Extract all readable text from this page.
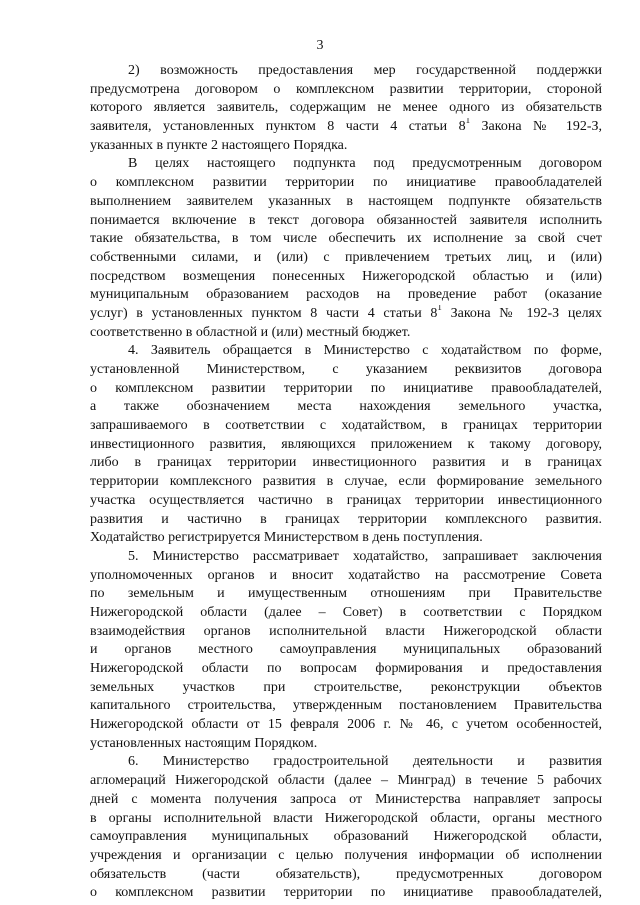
3
2) возможность предоставления мер государственной поддержки
предусмотрена договором о комплексном развитии территории, стороной
которого является заявитель, содержащим не менее одного из обязательств
заявителя, установленных пунктом 8 части 4 статьи $8^1$ Закона № 192-З,
указанных в пункте 2 настоящего Порядка.
В целях настоящего подпункта под предусмотренным договором
о комплексном развитии территории по инициативе правообладателей
выполнением заявителем указанных в настоящем подпункте обязательств
понимается включение в текст договора обязанностей заявителя исполнить
такие обязательства, в том числе обеспечить их исполнение за свой счет
собственными силами, и (или) с привлечением третьих лиц, и (или)
посредством возмещения понесенных Нижегородской областью и (или)
муниципальным образованием расходов на проведение работ (оказание
услуг) в установленных пунктом 8 части 4 статьи $8^1$ Закона № 192-З целях
соответственно в областной и (или) местный бюджет.
4. Заявитель обращается в Министерство с ходатайством по форме,
установленной Министерством, с указанием реквизитов договора
о комплексном развитии территории по инициативе правообладателей,
а также обозначением места нахождения земельного участка,
запрашиваемого в соответствии с ходатайством, в границах территории
инвестиционного развития, являющихся приложением к такому договору,
либо в границах территории инвестиционного развития и в границах
территории комплексного развития в случае, если формирование земельного
участка осуществляется частично в границах территории инвестиционного
развития и частично в границах территории комплексного развития.
Ходатайство регистрируется Министерством в день поступления.
5. Министерство рассматривает ходатайство, запрашивает заключения
уполномоченных органов и вносит ходатайство на рассмотрение Совета
по земельным и имущественным отношениям при Правительстве
Нижегородской области (далее – Совет) в соответствии с Порядком
взаимодействия органов исполнительной власти Нижегородской области
и органов местного самоуправления муниципальных образований
Нижегородской области по вопросам формирования и предоставления
земельных участков при строительстве, реконструкции объектов
капитального строительства, утвержденным постановлением Правительства
Нижегородской области от 15 февраля 2006 г. № 46, с учетом особенностей,
установленных настоящим Порядком.
6. Министерство градостроительной деятельности и развития
агломераций Нижегородской области (далее – Минград) в течение 5 рабочих
дней с момента получения запроса от Министерства направляет запросы
в органы исполнительной власти Нижегородской области, органы местного
самоуправления муниципальных образований Нижегородской области,
учреждения и организации с целью получения информации об исполнении
обязательств (части обязательств), предусмотренных договором
о комплексном развитии территории по инициативе правообладателей,
